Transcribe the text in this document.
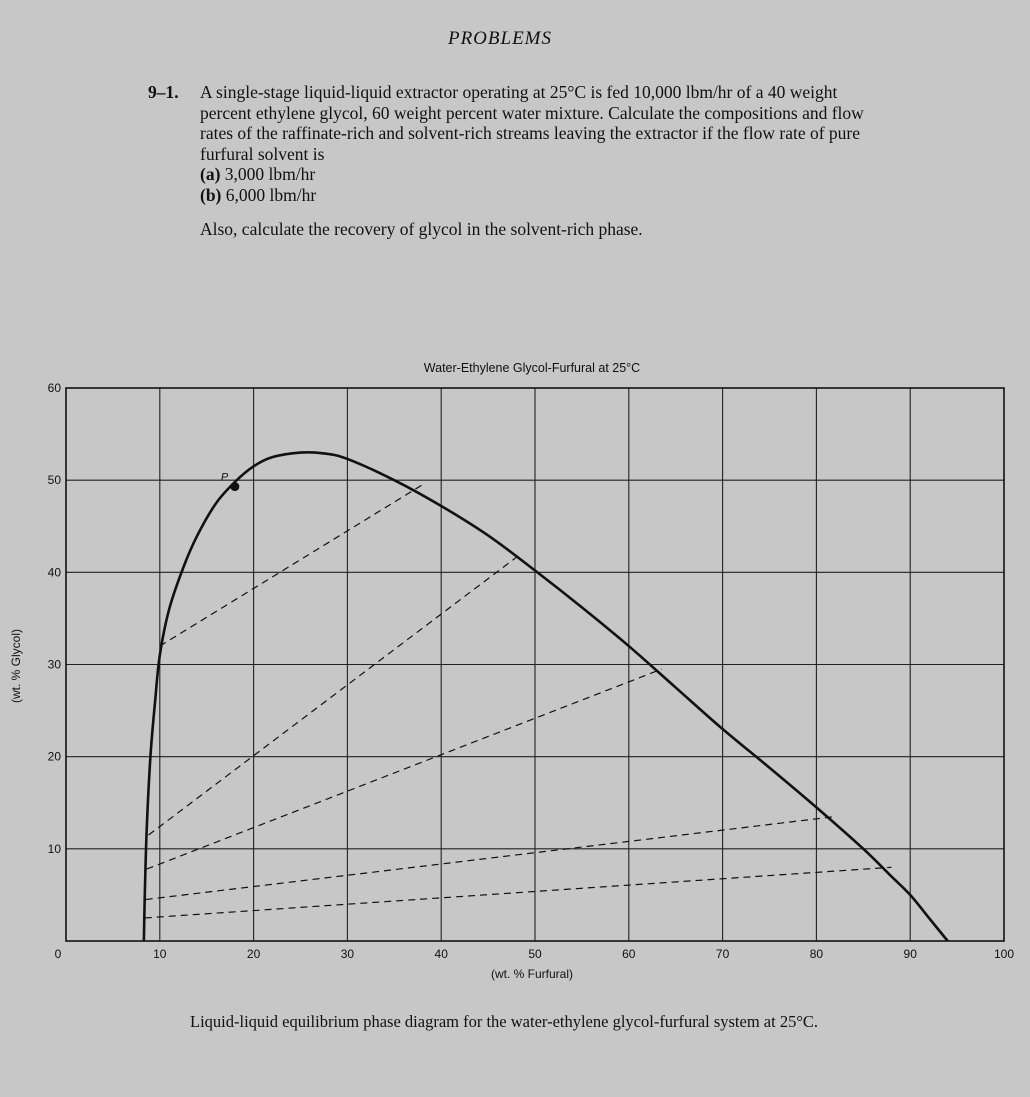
PROBLEMS
9–1. A single-stage liquid-liquid extractor operating at 25°C is fed 10,000 lbm/hr of a 40 weight percent ethylene glycol, 60 weight percent water mixture. Calculate the compositions and flow rates of the raffinate-rich and solvent-rich streams leaving the extractor if the flow rate of pure furfural solvent is

(a) 3,000 lbm/hr
(b) 6,000 lbm/hr

Also, calculate the recovery of glycol in the solvent-rich phase.

Water-Ethylene Glycol-Furfural at 25°C
(wt. % Furfural)
(wt. % Glycol)
0	10	20	30	40	50	60	70	80	90	100
10
20
30
40
50
60
P
Liquid-liquid equilibrium phase diagram for the water-ethylene glycol-furfural system at 25°C.
